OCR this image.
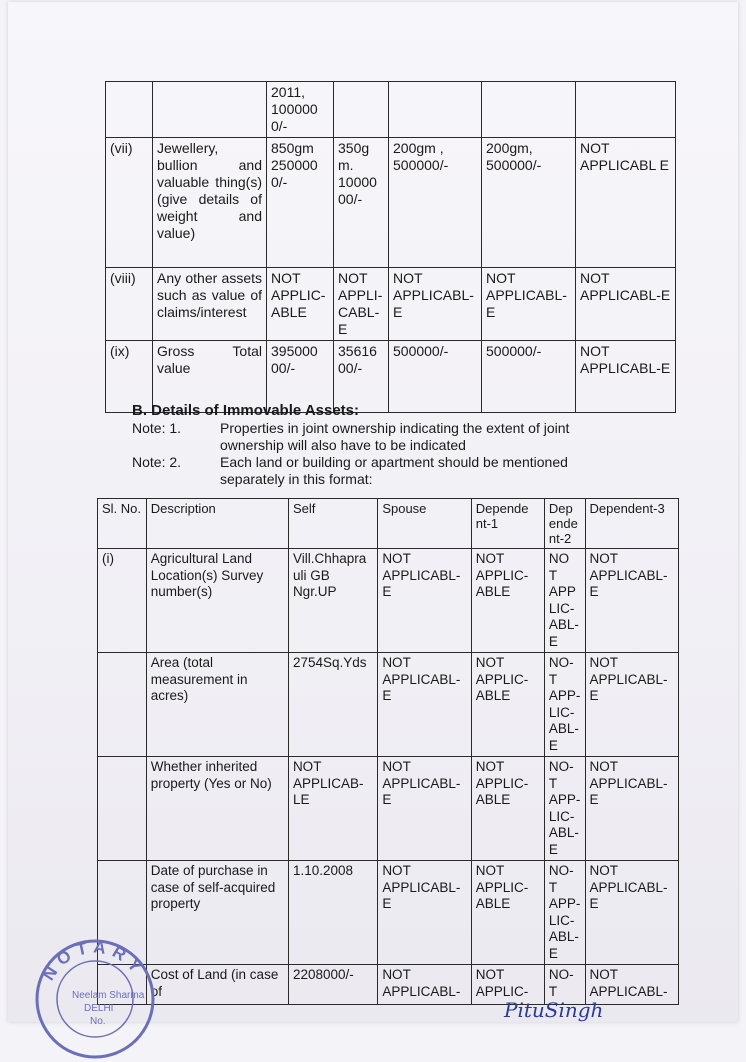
		2011, 100000 0/-				
(vii)	Jewellery, bullion and valuable thing(s) (give details of weight and value)	850gm 250000 0/-	350g m. 10000 00/-	200gm , 500000/-	200gm, 500000/-	NOT APPLICABL E
(viii)	Any other assets such as value of claims/interest	NOT APPLIC-ABLE	NOT APPLI-CABL-E	NOT APPLICABL-E	NOT APPLICABL-E	NOT APPLICABL-E
(ix)	Gross Total value	395000 00/-	35616 00/-	500000/-	500000/-	NOT APPLICABL-E
B. Details of Immovable Assets:
Note: 1.	Properties in joint ownership indicating the extent of joint ownership will also have to be indicated
Note: 2.	Each land or building or apartment should be mentioned separately in this format:
Sl. No.	Description	Self	Spouse	Depende nt-1	Dep ende nt-2	Dependent-3
(i)	Agricultural Land Location(s) Survey number(s)	Vill.Chhapra uli GB Ngr.UP	NOT APPLICABL-E	NOT APPLIC-ABLE	NO T APP LIC-ABL-E	NOT APPLICABL-E
	Area (total measurement in acres)	2754Sq.Yds	NOT APPLICABL-E	NOT APPLIC-ABLE	NO-T APP-LIC-ABL-E	NOT APPLICABL-E
	Whether inherited property (Yes or No)	NOT APPLICAB-LE	NOT APPLICABL-E	NOT APPLIC-ABLE	NO-T APP-LIC-ABL-E	NOT APPLICABL-E
	Date of purchase in case of self-acquired property	1.10.2008	NOT APPLICABL-E	NOT APPLIC-ABLE	NO-T APP-LIC-ABL-E	NOT APPLICABL-E
	Cost of Land (in case of	2208000/-	NOT APPLICABL-	NOT APPLIC-	NO-T	NOT APPLICABL-
NOTARY
Neelam Sharma
DELHI
No.	PituSingh
